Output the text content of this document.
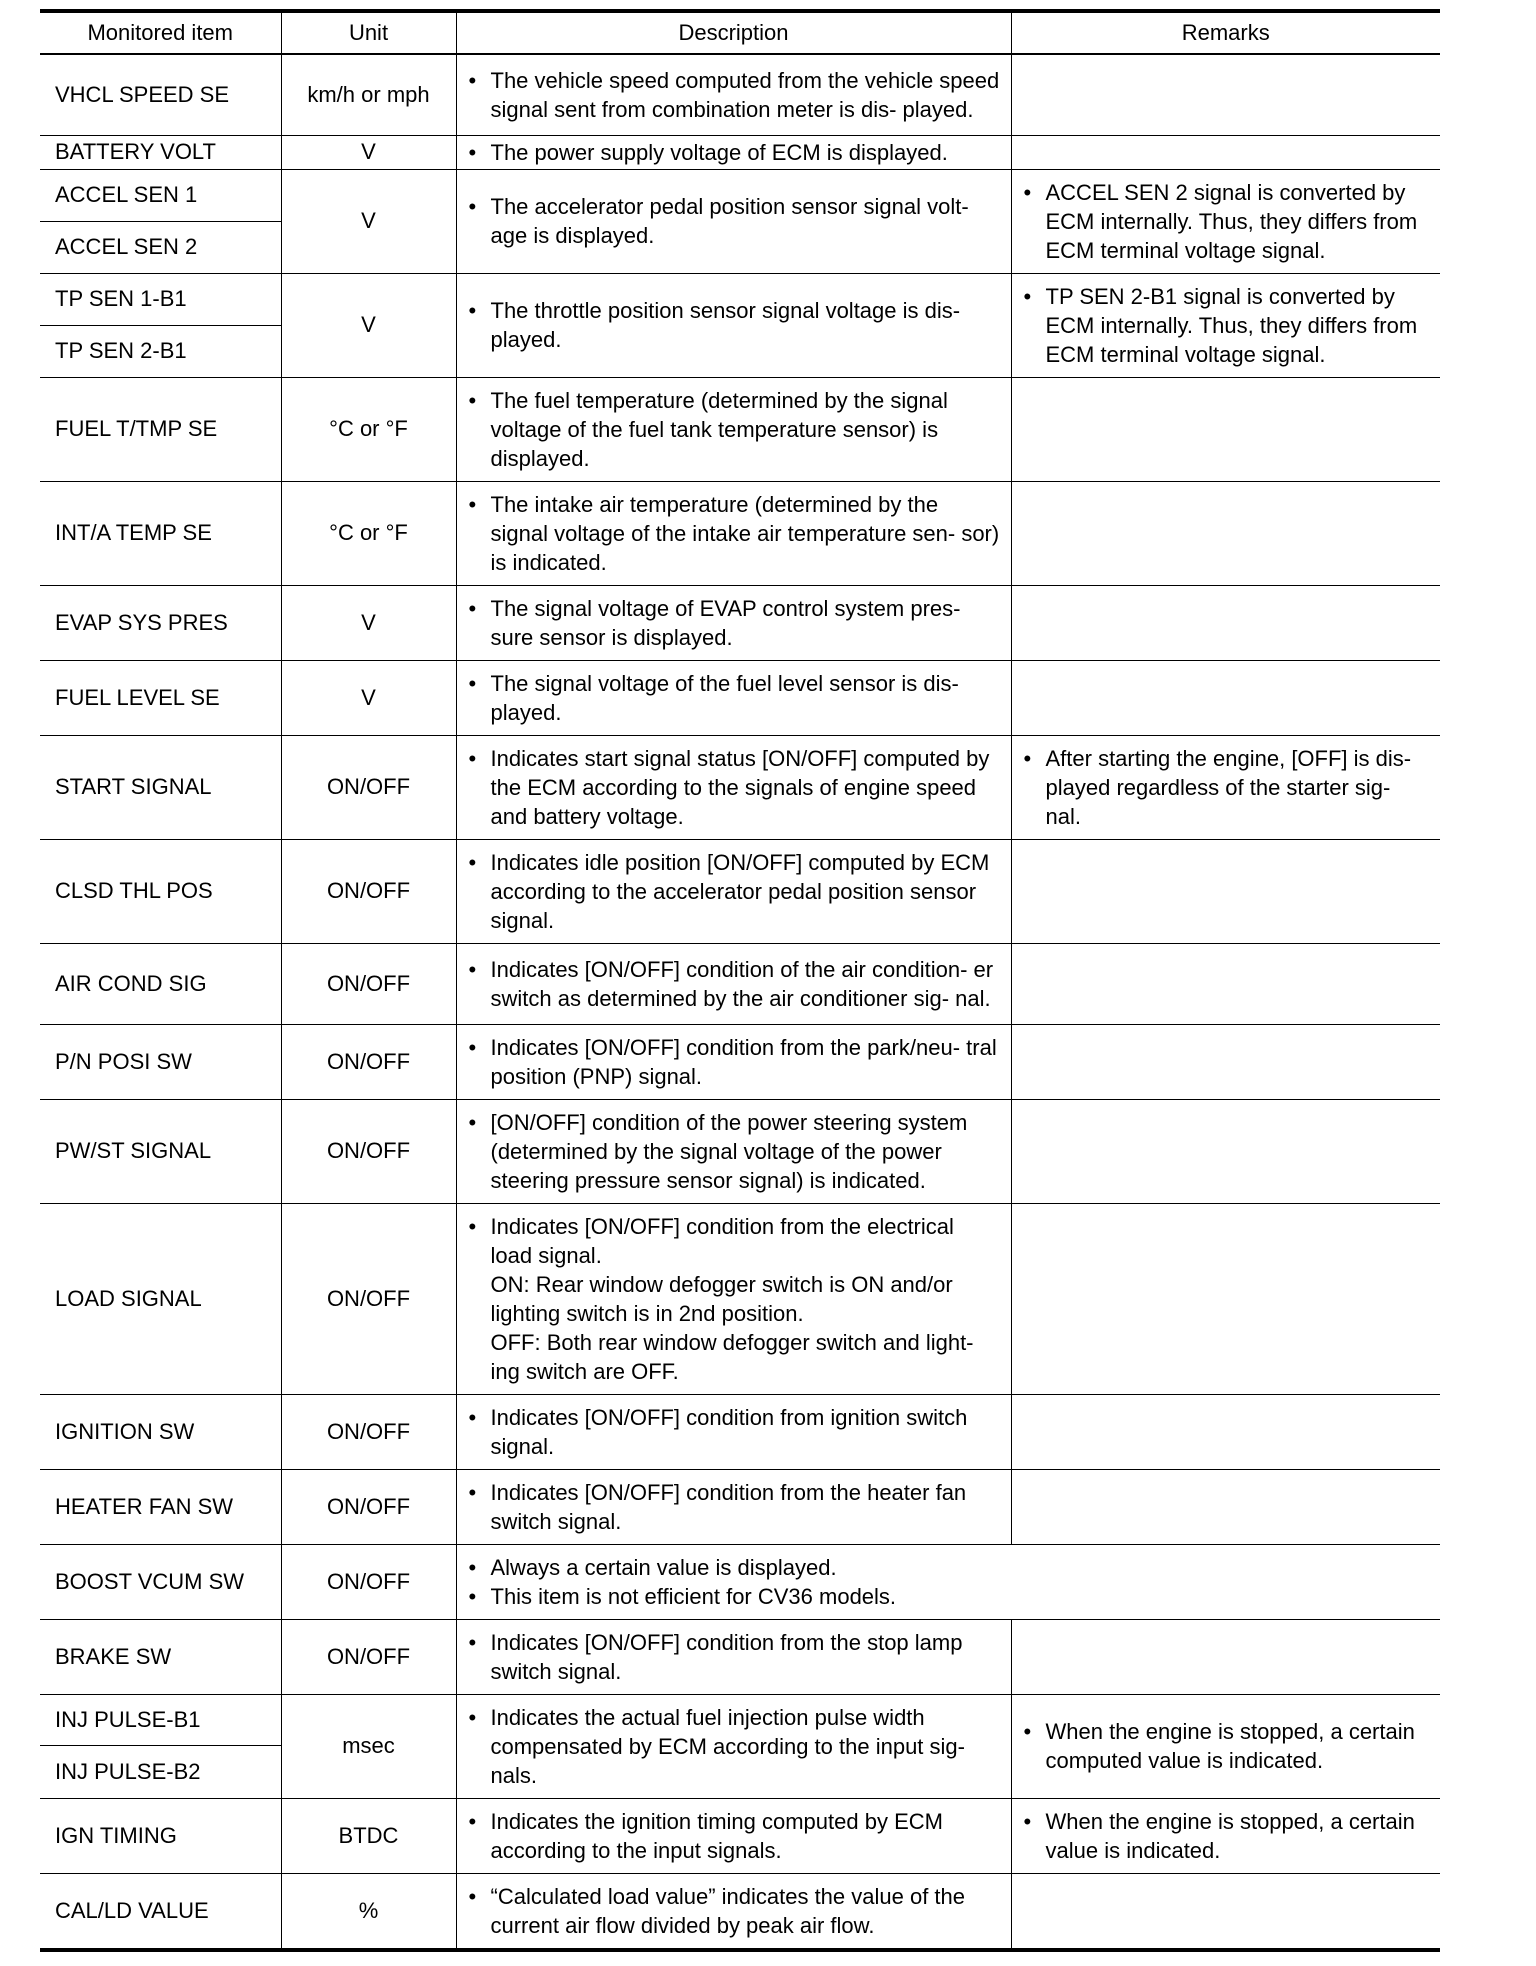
Monitored item	Unit	Description	Remarks
VHCL SPEED SE	km/h or mph	• The vehicle speed computed from the vehicle speed signal sent from combination meter is dis- played.	

BATTERY VOLT	V	• The power supply voltage of ECM is displayed.	

ACCEL SEN 1	V	• The accelerator pedal position sensor signal volt- age is displayed.	• ACCEL SEN 2 signal is converted by ECM internally. Thus, they differs from ECM terminal voltage signal.

ACCEL SEN 2			
TP SEN 1-B1	V	• The throttle position sensor signal voltage is dis- played.	• TP SEN 2-B1 signal is converted by ECM internally. Thus, they differs from ECM terminal voltage signal.

TP SEN 2-B1			
FUEL T/TMP SE	°C or °F	• The fuel temperature (determined by the signal voltage of the fuel tank temperature sensor) is displayed.	

INT/A TEMP SE	°C or °F	• The intake air temperature (determined by the signal voltage of the intake air temperature sen- sor) is indicated.	

EVAP SYS PRES	V	• The signal voltage of EVAP control system pres- sure sensor is displayed.	

FUEL LEVEL SE	V	• The signal voltage of the fuel level sensor is dis- played.	

START SIGNAL	ON/OFF	• Indicates start signal status [ON/OFF] computed by the ECM according to the signals of engine speed and battery voltage.	• After starting the engine, [OFF] is dis- played regardless of the starter sig- nal.

CLSD THL POS	ON/OFF	• Indicates idle position [ON/OFF] computed by ECM according to the accelerator pedal position sensor signal.	

AIR COND SIG	ON/OFF	• Indicates [ON/OFF] condition of the air condition- er switch as determined by the air conditioner sig- nal.	

P/N POSI SW	ON/OFF	• Indicates [ON/OFF] condition from the park/neu- tral position (PNP) signal.	

PW/ST SIGNAL	ON/OFF	• [ON/OFF] condition of the power steering system (determined by the signal voltage of the power steering pressure sensor signal) is indicated.	

LOAD SIGNAL	ON/OFF	• Indicates [ON/OFF] condition from the electrical load signal.
ON: Rear window defogger switch is ON and/or lighting switch is in 2nd position.
OFF: Both rear window defogger switch and light- ing switch are OFF.	

IGNITION SW	ON/OFF	• Indicates [ON/OFF] condition from ignition switch signal.	

HEATER FAN SW	ON/OFF	• Indicates [ON/OFF] condition from the heater fan switch signal.	

BOOST VCUM SW	ON/OFF	• Always a certain value is displayed.
• This item is not efficient for CV36 models.	

BRAKE SW	ON/OFF	• Indicates [ON/OFF] condition from the stop lamp switch signal.	

INJ PULSE-B1	msec	• Indicates the actual fuel injection pulse width compensated by ECM according to the input sig- nals.	• When the engine is stopped, a certain computed value is indicated.

INJ PULSE-B2			
IGN TIMING	BTDC	• Indicates the ignition timing computed by ECM according to the input signals.	• When the engine is stopped, a certain value is indicated.

CAL/LD VALUE	%	• “Calculated load value” indicates the value of the current air flow divided by peak air flow.	
